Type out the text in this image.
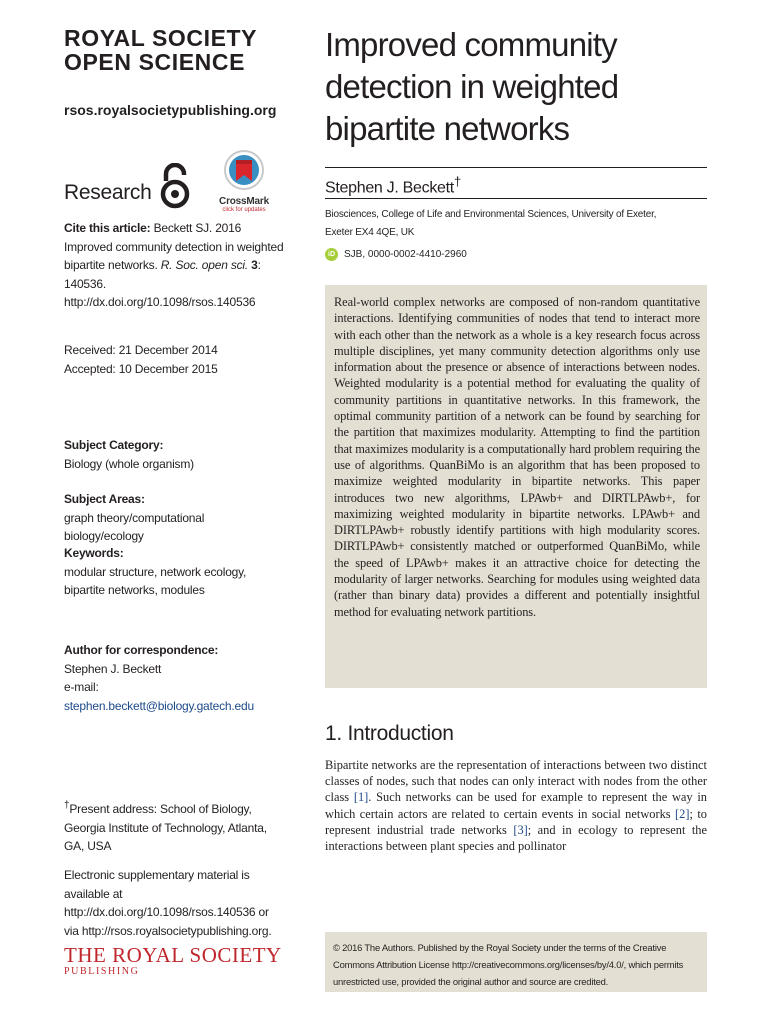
ROYAL SOCIETY
OPEN SCIENCE
rsos.royalsocietypublishing.org
Research	CrossMark
click for updates
Cite this article: Beckett SJ. 2016 Improved community detection in weighted bipartite networks. R. Soc. open sci. 3: 140536.
http://dx.doi.org/10.1098/rsos.140536
Received: 21 December 2014
Accepted: 10 December 2015
Subject Category:
Biology (whole organism)
Subject Areas:
graph theory/computational biology/ecology
Keywords:
modular structure, network ecology,
bipartite networks, modules
Author for correspondence:
Stephen J. Beckett
e-mail: stephen.beckett@biology.gatech.edu
†Present address: School of Biology, Georgia Institute of Technology, Atlanta, GA, USA
Electronic supplementary material is available at http://dx.doi.org/10.1098/rsos.140536 or via http://rsos.royalsocietypublishing.org.
THE ROYAL SOCIETY
PUBLISHING
Improved community detection in weighted bipartite networks
Stephen J. Beckett†
Biosciences, College of Life and Environmental Sciences, University of Exeter,
Exeter EX4 4QE, UK
iD SJB, 0000-0002-4410-2960

Real-world complex networks are composed of non-random quantitative interactions. Identifying communities of nodes that tend to interact more with each other than the network as a whole is a key research focus across multiple disciplines, yet many community detection algorithms only use information about the presence or absence of interactions between nodes. Weighted modularity is a potential method for evaluating the quality of community partitions in quantitative networks. In this framework, the optimal community partition of a network can be found by searching for the partition that maximizes modularity. Attempting to find the partition that maximizes modularity is a computationally hard problem requiring the use of algorithms. QuanBiMo is an algorithm that has been proposed to maximize weighted modularity in bipartite networks. This paper introduces two new algorithms, LPAwb+ and DIRTLPAwb+, for maximizing weighted modularity in bipartite networks. LPAwb+ and DIRTLPAwb+ robustly identify partitions with high modularity scores. DIRTLPAwb+ consistently matched or outperformed QuanBiMo, while the speed of LPAwb+ makes it an attractive choice for detecting the modularity of larger networks. Searching for modules using weighted data (rather than binary data) provides a different and potentially insightful method for evaluating network partitions.

1. Introduction
Bipartite networks are the representation of interactions between two distinct classes of nodes, such that nodes can only interact with nodes from the other class [1]. Such networks can be used for example to represent the way in which certain actors are related to certain events in social networks [2]; to represent industrial trade networks [3]; and in ecology to represent the interactions between plant species and pollinator
© 2016 The Authors. Published by the Royal Society under the terms of the Creative Commons Attribution License http://creativecommons.org/licenses/by/4.0/, which permits unrestricted use, provided the original author and source are credited.
